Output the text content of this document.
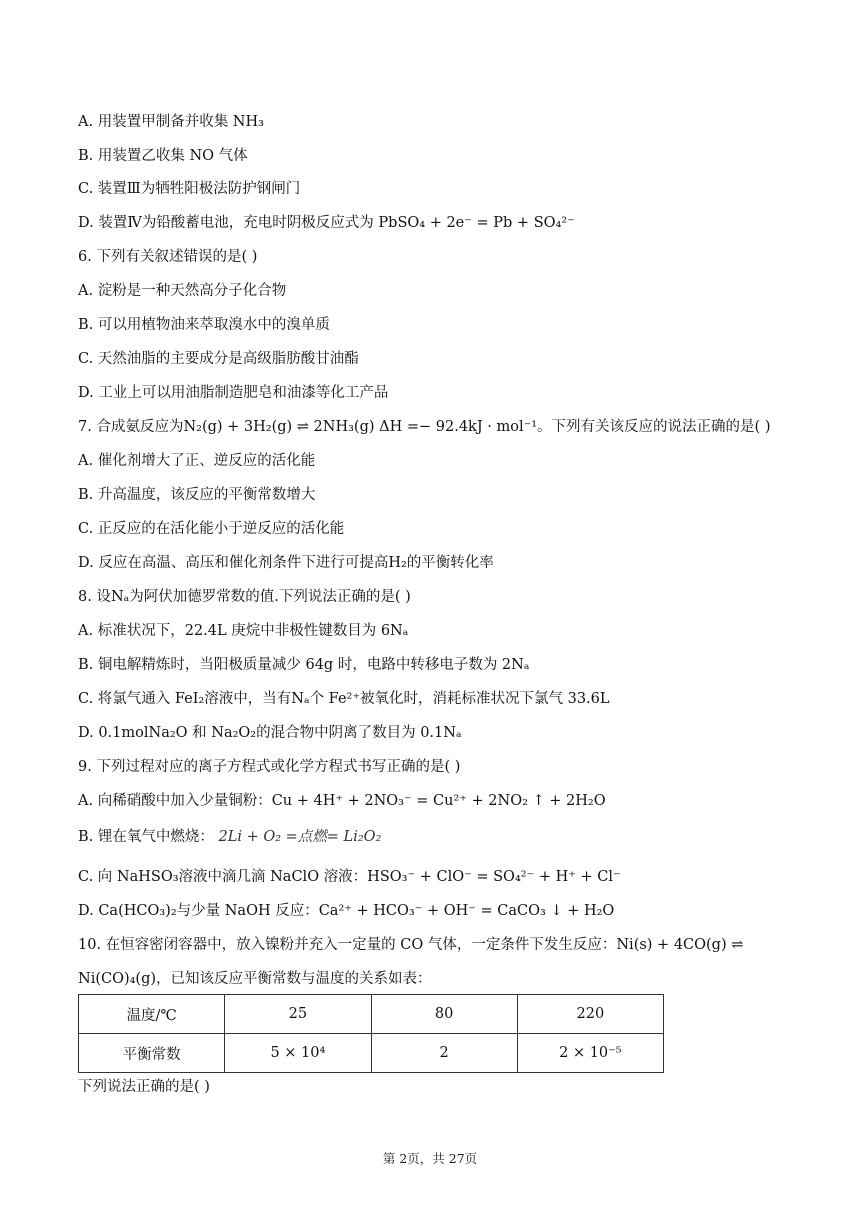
A. 用装置甲制备并收集 NH₃
B. 用装置乙收集 NO 气体
C. 装置Ⅲ为牺牲阳极法防护钢闸门
D. 装置Ⅳ为铅酸蓄电池，充电时阴极反应式为 PbSO₄ + 2e⁻ = Pb + SO₄²⁻
6. 下列有关叙述错误的是( )
A. 淀粉是一种天然高分子化合物
B. 可以用植物油来萃取溴水中的溴单质
C. 天然油脂的主要成分是高级脂肪酸甘油酯
D. 工业上可以用油脂制造肥皂和油漆等化工产品
7. 合成氨反应为N₂(g) + 3H₂(g) ⇌ 2NH₃(g) ΔH =− 92.4kJ · mol⁻¹。下列有关该反应的说法正确的是( )
A. 催化剂增大了正、逆反应的活化能
B. 升高温度，该反应的平衡常数增大
C. 正反应的在活化能小于逆反应的活化能
D. 反应在高温、高压和催化剂条件下进行可提高H₂的平衡转化率
8. 设Nₐ为阿伏加德罗常数的值.下列说法正确的是( )
A. 标准状况下，22.4L 庚烷中非极性键数目为 6Nₐ
B. 铜电解精炼时，当阳极质量减少 64g 时，电路中转移电子数为 2Nₐ
C. 将氯气通入 FeI₂溶液中，当有Nₐ个 Fe²⁺被氧化时，消耗标准状况下氯气 33.6L
D. 0.1molNa₂O 和 Na₂O₂的混合物中阴离了数目为 0.1Nₐ
9. 下列过程对应的离子方程式或化学方程式书写正确的是( )
A. 向稀硝酸中加入少量铜粉：Cu + 4H⁺ + 2NO₃⁻ = Cu²⁺ + 2NO₂ ↑ + 2H₂O
B. 锂在氧气中燃烧： 2Li + O₂ =点燃= Li₂O₂
C. 向 NaHSO₃溶液中滴几滴 NaClO 溶液：HSO₃⁻ + ClO⁻ = SO₄²⁻ + H⁺ + Cl⁻
D. Ca(HCO₃)₂与少量 NaOH 反应：Ca²⁺ + HCO₃⁻ + OH⁻ = CaCO₃ ↓ + H₂O
10. 在恒容密闭容器中，放入镍粉并充入一定量的 CO 气体，一定条件下发生反应：Ni(s) + 4CO(g) ⇌
Ni(CO)₄(g)，已知该反应平衡常数与温度的关系如表：
温度/℃	25	80	220
平衡常数	5 × 10⁴	2	2 × 10⁻⁵
下列说法正确的是( )
第 2页，共 27页
